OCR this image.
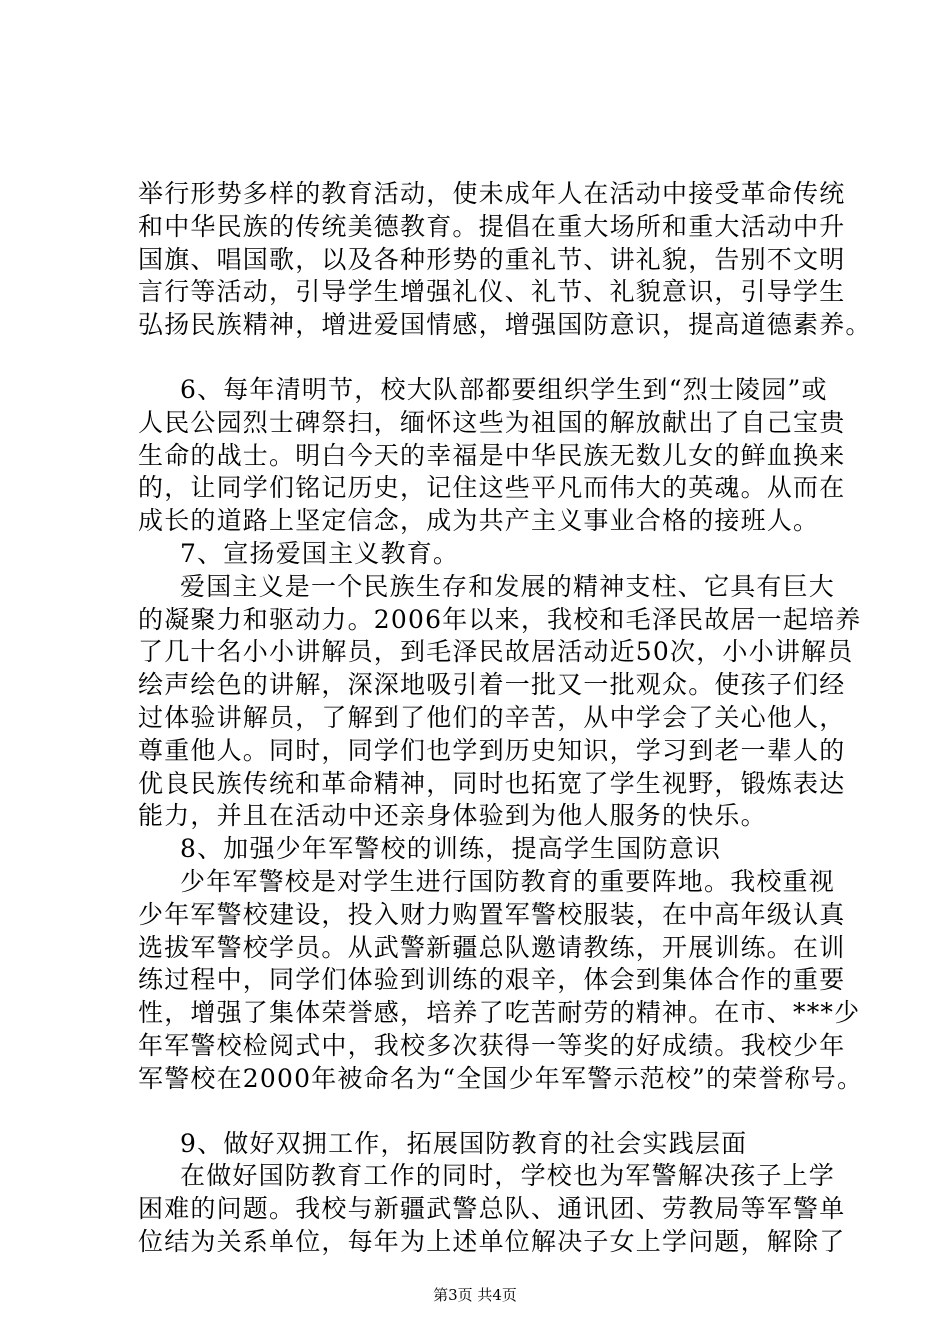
举行形势多样的教育活动，使未成年人在活动中接受革命传统
和中华民族的传统美德教育。提倡在重大场所和重大活动中升
国旗、唱国歌，以及各种形势的重礼节、讲礼貌，告别不文明
言行等活动，引导学生增强礼仪、礼节、礼貌意识，引导学生
弘扬民族精神，增进爱国情感，增强国防意识，提高道德素养。
6、每年清明节，校大队部都要组织学生到“烈士陵园”或
人民公园烈士碑祭扫，缅怀这些为祖国的解放献出了自己宝贵
生命的战士。明白今天的幸福是中华民族无数儿女的鲜血换来
的，让同学们铭记历史，记住这些平凡而伟大的英魂。从而在
成长的道路上坚定信念，成为共产主义事业合格的接班人。
7、宣扬爱国主义教育。
爱国主义是一个民族生存和发展的精神支柱、它具有巨大
的凝聚力和驱动力。2006年以来，我校和毛泽民故居一起培养
了几十名小小讲解员，到毛泽民故居活动近50次，小小讲解员
绘声绘色的讲解，深深地吸引着一批又一批观众。使孩子们经
过体验讲解员，了解到了他们的辛苦，从中学会了关心他人，
尊重他人。同时，同学们也学到历史知识，学习到老一辈人的
优良民族传统和革命精神，同时也拓宽了学生视野，锻炼表达
能力，并且在活动中还亲身体验到为他人服务的快乐。
8、加强少年军警校的训练，提高学生国防意识
少年军警校是对学生进行国防教育的重要阵地。我校重视
少年军警校建设，投入财力购置军警校服装，在中高年级认真
选拔军警校学员。从武警新疆总队邀请教练，开展训练。在训
练过程中，同学们体验到训练的艰辛，体会到集体合作的重要
性，增强了集体荣誉感，培养了吃苦耐劳的精神。在市、***少
年军警校检阅式中，我校多次获得一等奖的好成绩。我校少年
军警校在2000年被命名为“全国少年军警示范校”的荣誉称号。
9、做好双拥工作，拓展国防教育的社会实践层面
在做好国防教育工作的同时，学校也为军警解决孩子上学
困难的问题。我校与新疆武警总队、通讯团、劳教局等军警单
位结为关系单位，每年为上述单位解决子女上学问题，解除了
第3页 共4页
